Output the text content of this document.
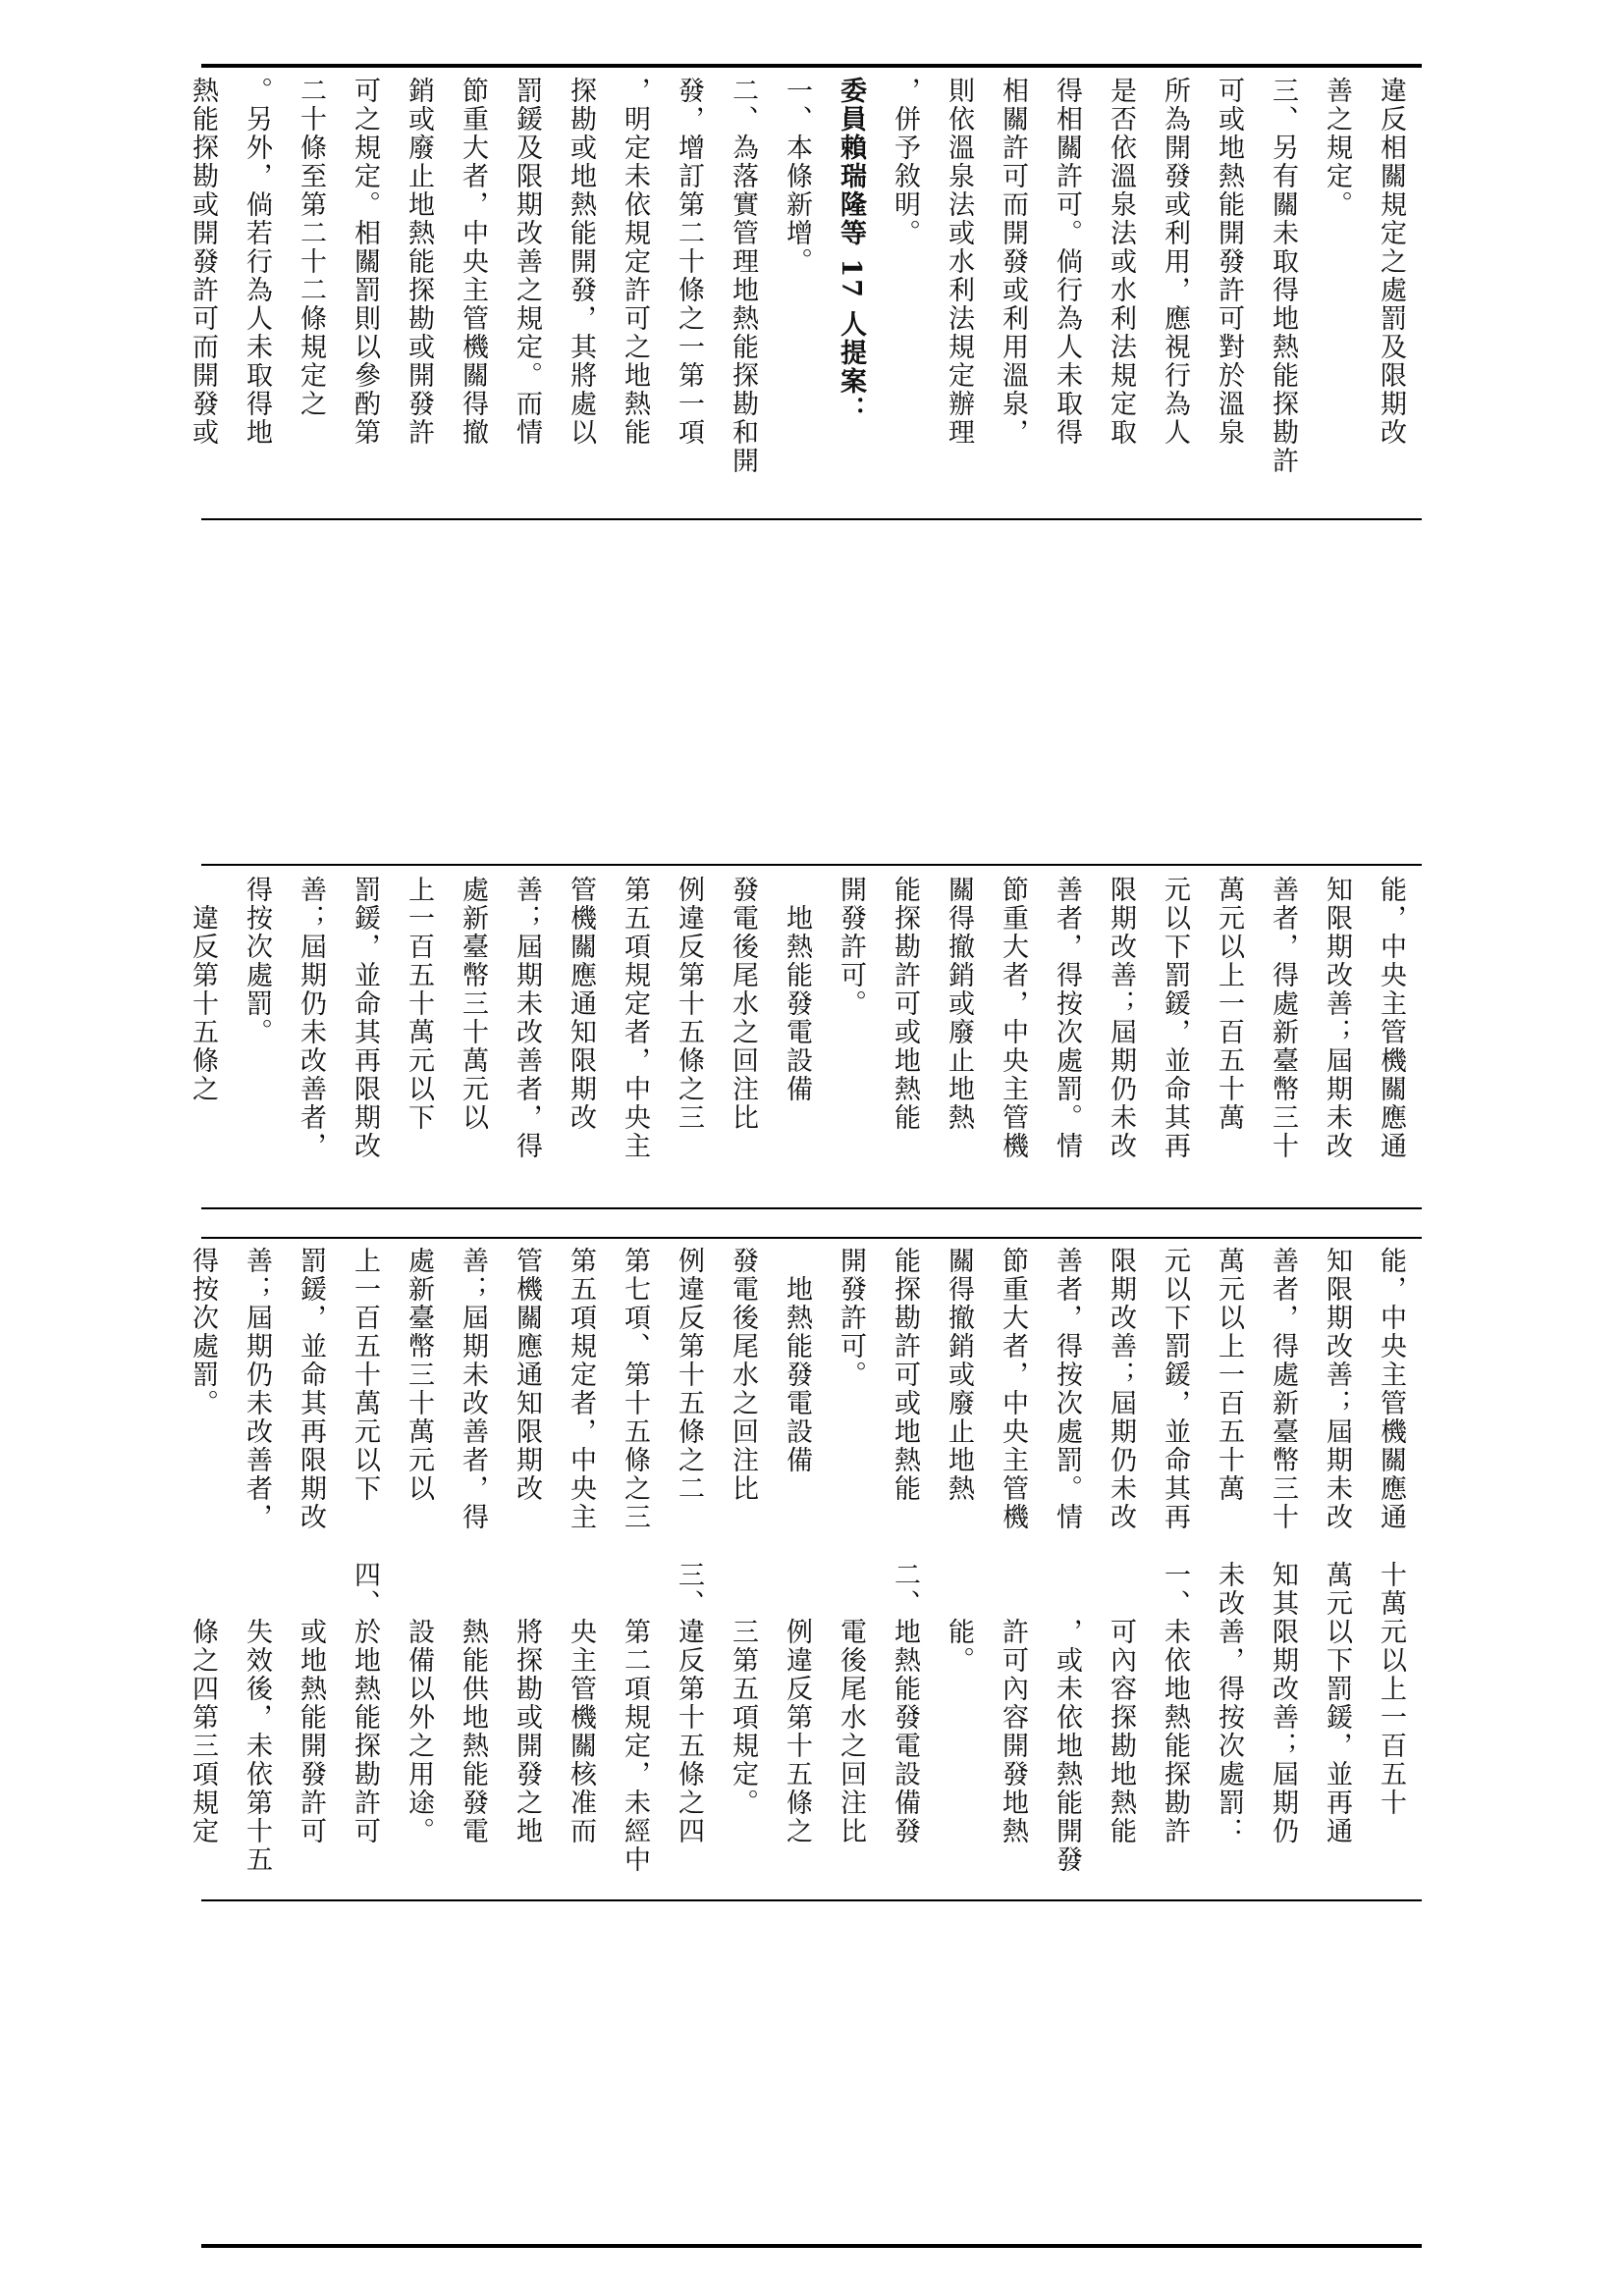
違反相關規定之處罰及限期改
善之規定。
三、另有關未取得地熱能探勘許
可或地熱能開發許可對於溫泉
所為開發或利用，應視行為人
是否依溫泉法或水利法規定取
得相關許可。倘行為人未取得
相關許可而開發或利用溫泉，
則依溫泉法或水利法規定辦理
，併予敘明。
委員賴瑞隆等 17 人提案：
一、本條新增。
二、為落實管理地熱能探勘和開
發，增訂第二十條之一第一項
，明定未依規定許可之地熱能
探勘或地熱能開發，其將處以
罰鍰及限期改善之規定。而情
節重大者，中央主管機關得撤
銷或廢止地熱能探勘或開發許
可之規定。相關罰則以參酌第
二十條至第二十二條規定之
。另外，倘若行為人未取得地
熱能探勘或開發許可而開發或
能，中央主管機關應通
知限期改善；屆期未改
善者，得處新臺幣三十
萬元以上一百五十萬
元以下罰鍰，並命其再
限期改善；屆期仍未改
善者，得按次處罰。情
節重大者，中央主管機
關得撤銷或廢止地熱
能探勘許可或地熱能
開發許可。
　地熱能發電設備
發電後尾水之回注比
例違反第十五條之三
第五項規定者，中央主
管機關應通知限期改
善；屆期未改善者，得
處新臺幣三十萬元以
上一百五十萬元以下
罰鍰，並命其再限期改
善；屆期仍未改善者，
得按次處罰。
　違反第十五條之
十萬元以上一百五十
萬元以下罰鍰，並再通
知其限期改善；屆期仍
未改善，得按次處罰：
一、未依地熱能探勘許
　　可內容探勘地熱能
　　，或未依地熱能開發
　　許可內容開發地熱
　　能。
二、地熱能發電設備發
　　電後尾水之回注比
　　例違反第十五條之
　　三第五項規定。
三、違反第十五條之四
　　第二項規定，未經中
　　央主管機關核准而
　　將探勘或開發之地
　　熱能供地熱能發電
　　設備以外之用途。
四、於地熱能探勘許可
　　或地熱能開發許可
　　失效後，未依第十五
　　條之四第三項規定
能，中央主管機關應通
知限期改善；屆期未改
善者，得處新臺幣三十
萬元以上一百五十萬
元以下罰鍰，並命其再
限期改善；屆期仍未改
善者，得按次處罰。情
節重大者，中央主管機
關得撤銷或廢止地熱
能探勘許可或地熱能
開發許可。
　地熱能發電設備
發電後尾水之回注比
例違反第十五條之二
第七項、第十五條之三
第五項規定者，中央主
管機關應通知限期改
善；屆期未改善者，得
處新臺幣三十萬元以
上一百五十萬元以下
罰鍰，並命其再限期改
善；屆期仍未改善者，
得按次處罰。
